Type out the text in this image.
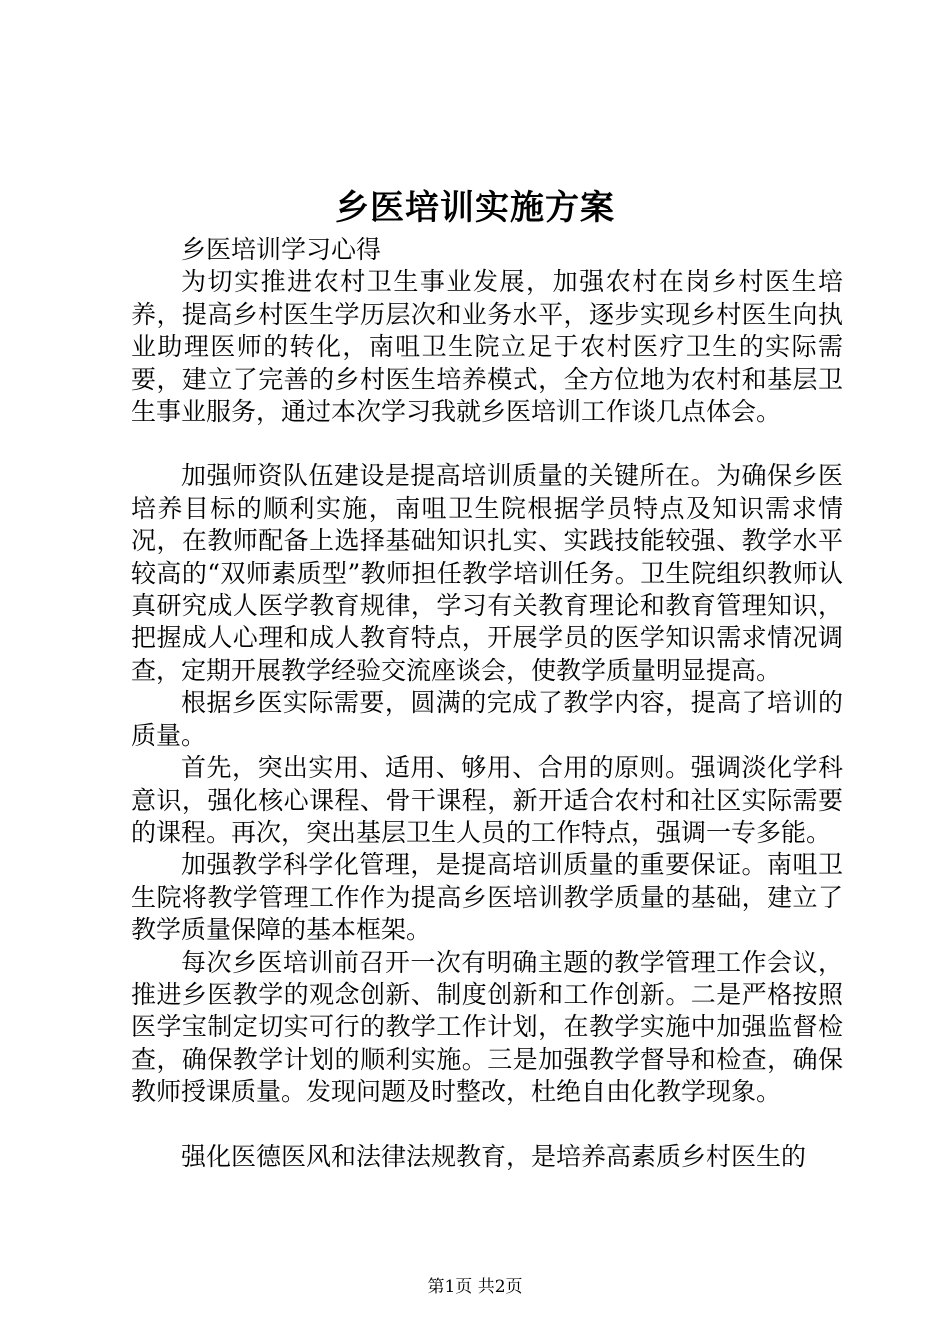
乡医培训实施方案

乡医培训学习心得

为切实推进农村卫生事业发展，加强农村在岗乡村医生培养，提高乡村医生学历层次和业务水平，逐步实现乡村医生向执业助理医师的转化，南咀卫生院立足于农村医疗卫生的实际需要，建立了完善的乡村医生培养模式，全方位地为农村和基层卫生事业服务，通过本次学习我就乡医培训工作谈几点体会。

加强师资队伍建设是提高培训质量的关键所在。为确保乡医培养目标的顺利实施，南咀卫生院根据学员特点及知识需求情况，在教师配备上选择基础知识扎实、实践技能较强、教学水平较高的“双师素质型”教师担任教学培训任务。卫生院组织教师认真研究成人医学教育规律，学习有关教育理论和教育管理知识，把握成人心理和成人教育特点，开展学员的医学知识需求情况调查，定期开展教学经验交流座谈会，使教学质量明显提高。

根据乡医实际需要，圆满的完成了教学内容，提高了培训的质量。

首先，突出实用、适用、够用、合用的原则。强调淡化学科意识，强化核心课程、骨干课程，新开适合农村和社区实际需要的课程。再次，突出基层卫生人员的工作特点，强调一专多能。

加强教学科学化管理，是提高培训质量的重要保证。南咀卫生院将教学管理工作作为提高乡医培训教学质量的基础，建立了教学质量保障的基本框架。

每次乡医培训前召开一次有明确主题的教学管理工作会议，推进乡医教学的观念创新、制度创新和工作创新。二是严格按照医学宝制定切实可行的教学工作计划，在教学实施中加强监督检查，确保教学计划的顺利实施。三是加强教学督导和检查，确保教师授课质量。发现问题及时整改，杜绝自由化教学现象。

强化医德医风和法律法规教育，是培养高素质乡村医生的

第1页 共2页
